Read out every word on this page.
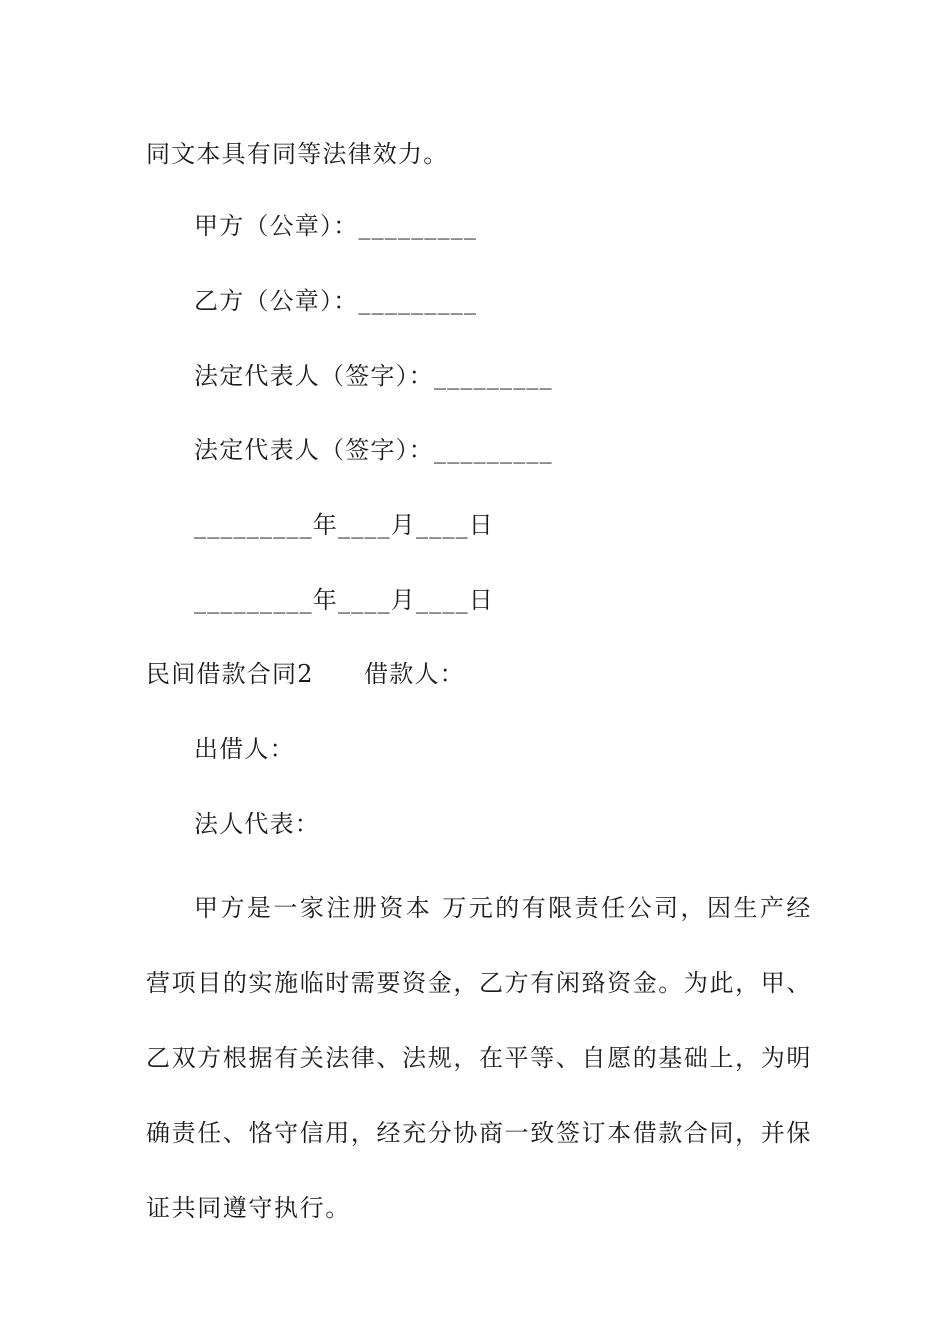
同文本具有同等法律效力。
甲方（公章）：_________
乙方（公章）：_________
法定代表人（签字）：_________
法定代表人（签字）：_________
_________年____月____日
_________年____月____日
民间借款合同2　　借款人：
出借人：
法人代表：
甲方是一家注册资本 万元的有限责任公司，因生产经营项目的实施临时需要资金，乙方有闲臵资金。为此，甲、乙双方根据有关法律、法规，在平等、自愿的基础上，为明确责任、恪守信用，经充分协商一致签订本借款合同，并保证共同遵守执行。
